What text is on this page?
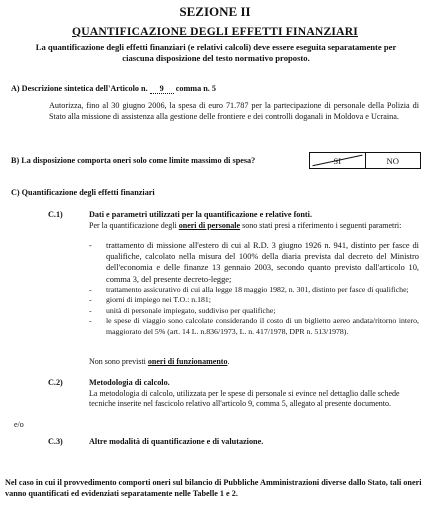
SEZIONE II
QUANTIFICAZIONE DEGLI EFFETTI FINANZIARI
La quantificazione degli effetti finanziari (e relativi calcoli) deve essere eseguita separatamente per ciascuna disposizione del testo normativo proposto.
A) Descrizione sintetica dell'Articolo n. 9 comma n. 5
Autorizza, fino al 30 giugno 2006, la spesa di euro 71.787 per la partecipazione di personale della Polizia di Stato alla missione di assistenza alla gestione delle frontiere e dei controlli doganali in Moldova e Ucraina.
B) La disposizione comporta oneri solo come limite massimo di spesa?	SI	NO
C) Quantificazione degli effetti finanziari
C.1)	Dati e parametri utilizzati per la quantificazione e relative fonti.
Per la quantificazione degli oneri di personale sono stati presi a riferimento i seguenti parametri:
- trattamento di missione all'estero di cui al R.D. 3 giugno 1926 n. 941, distinto per fasce di qualifiche, calcolato nella misura del 100% della diaria prevista dal decreto del Ministro dell'economia e delle finanze 13 gennaio 2003, secondo quanto previsto dall'articolo 10, comma 3, del presente decreto-legge;
- trattamento assicurativo di cui alla legge 18 maggio 1982, n. 301, distinto per fasce di qualifiche;
- giorni di impiego nei T.O.: n.181;
- unità di personale impiegato, suddiviso per qualifiche;
- le spese di viaggio sono calcolate considerando il costo di un biglietto aereo andata/ritorno intero, maggiorato del 5% (art. 14 L. n.836/1973, L. n. 417/1978, DPR n. 513/1978).
Non sono previsti oneri di funzionamento.
C.2)	Metodologia di calcolo.
La metodologia di calcolo, utilizzata per le spese di personale si evince nel dettaglio dalle schede tecniche inserite nel fascicolo relativo all'articolo 9, comma 5, allegato al presente documento.
e/o
C.3)	Altre modalità di quantificazione e di valutazione.
Nel caso in cui il provvedimento comporti oneri sul bilancio di Pubbliche Amministrazioni diverse dallo Stato, tali oneri vanno quantificati ed evidenziati separatamente nelle Tabelle 1 e 2.
